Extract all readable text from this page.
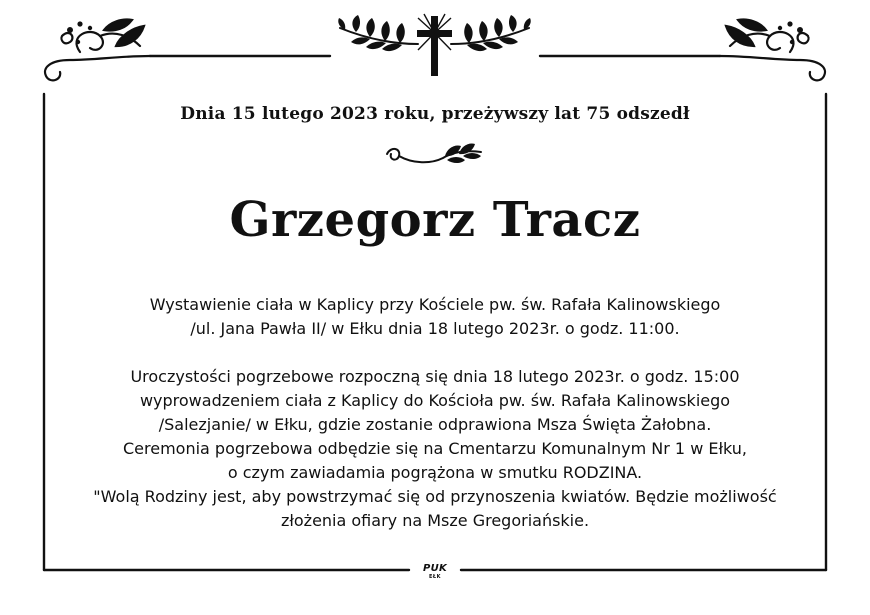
Dnia 15 lutego 2023 roku, przeżywszy lat 75 odszedł
Grzegorz Tracz
Wystawienie ciała w Kaplicy przy Kościele pw. św. Rafała Kalinowskiego
/ul. Jana Pawła II/ w Ełku dnia 18 lutego 2023r. o godz. 11:00.
Uroczystości pogrzebowe rozpoczną się dnia 18 lutego 2023r. o godz. 15:00
wyprowadzeniem ciała z Kaplicy do Kościoła pw. św. Rafała Kalinowskiego
/Salezjanie/ w Ełku, gdzie zostanie odprawiona Msza Święta Żałobna.
Ceremonia pogrzebowa odbędzie się na Cmentarzu Komunalnym Nr 1 w Ełku,
o czym zawiadamia pogrążona w smutku RODZINA.
"Wolą Rodziny jest, aby powstrzymać się od przynoszenia kwiatów. Będzie możliwość
złożenia ofiary na Msze Gregoriańskie.
PUK
EŁK
